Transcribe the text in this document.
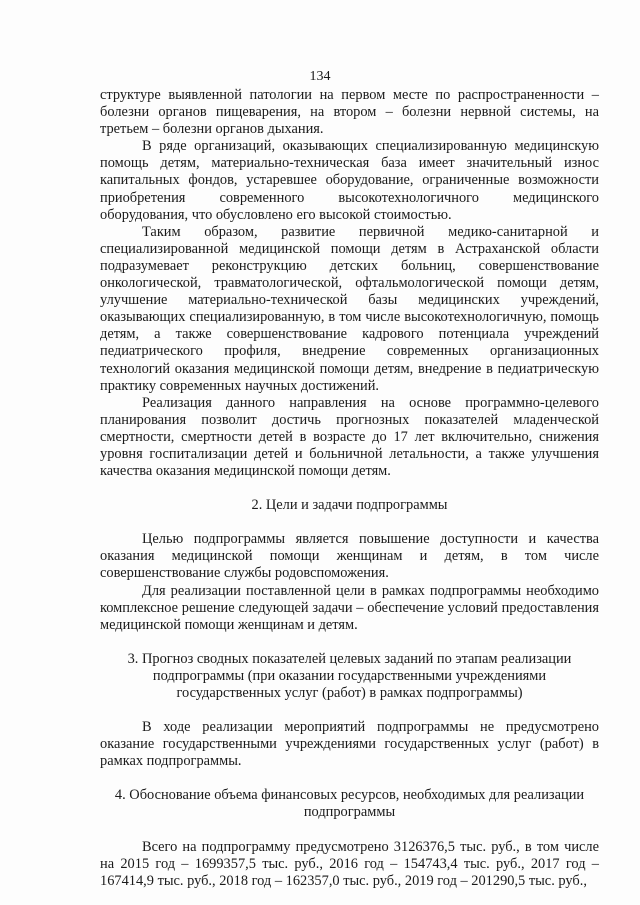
134

структуре выявленной патологии на первом месте по распространенности – болезни органов пищеварения, на втором – болезни нервной системы, на третьем – болезни органов дыхания.

В ряде организаций, оказывающих специализированную медицинскую помощь детям, материально-техническая база имеет значительный износ капитальных фондов, устаревшее оборудование, ограниченные возможности приобретения современного высокотехнологичного медицинского оборудования, что обусловлено его высокой стоимостью.

Таким образом, развитие первичной медико-санитарной и специализированной медицинской помощи детям в Астраханской области подразумевает реконструкцию детских больниц, совершенствование онкологической, травматологической, офтальмологической помощи детям, улучшение материально-технической базы медицинских учреждений, оказывающих специализированную, в том числе высокотехнологичную, помощь детям, а также совершенствование кадрового потенциала учреждений педиатрического профиля, внедрение современных организационных технологий оказания медицинской помощи детям, внедрение в педиатрическую практику современных научных достижений.

Реализация данного направления на основе программно-целевого планирования позволит достичь прогнозных показателей младенческой смертности, смертности детей в возрасте до 17 лет включительно, снижения уровня госпитализации детей и больничной летальности, а также улучшения качества оказания медицинской помощи детям.

2. Цели и задачи подпрограммы

Целью подпрограммы является повышение доступности и качества оказания медицинской помощи женщинам и детям, в том числе совершенствование службы родовспоможения.

Для реализации поставленной цели в рамках подпрограммы необходимо комплексное решение следующей задачи – обеспечение условий предоставления медицинской помощи женщинам и детям.

3. Прогноз сводных показателей целевых заданий по этапам реализации подпрограммы (при оказании государственными учреждениями государственных услуг (работ) в рамках подпрограммы)

В ходе реализации мероприятий подпрограммы не предусмотрено оказание государственными учреждениями государственных услуг (работ) в рамках подпрограммы.

4. Обоснование объема финансовых ресурсов, необходимых для реализации подпрограммы

Всего на подпрограмму предусмотрено 3126376,5 тыс. руб., в том числе на 2015 год – 1699357,5 тыс. руб., 2016 год – 154743,4 тыс. руб., 2017 год – 167414,9 тыс. руб., 2018 год – 162357,0 тыс. руб., 2019 год – 201290,5 тыс. руб.,
